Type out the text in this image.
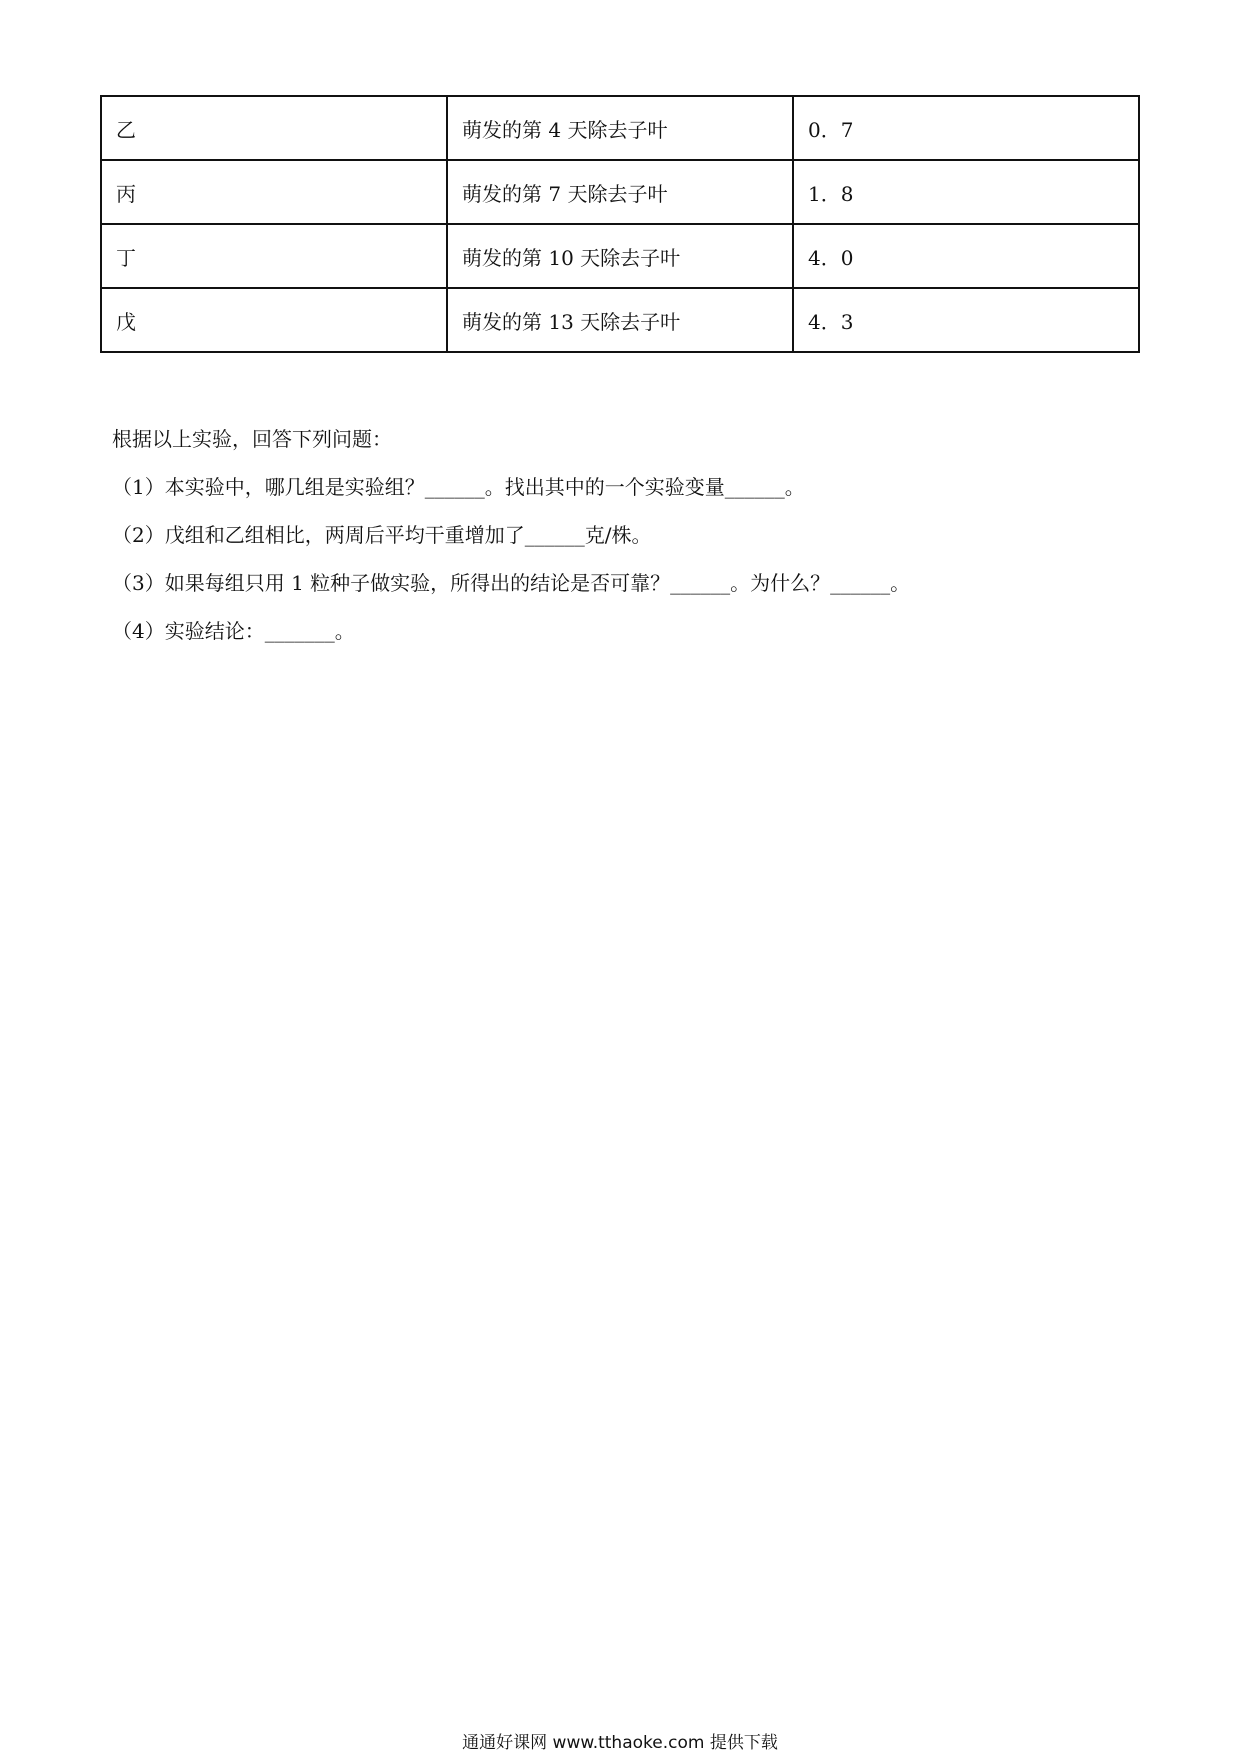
乙	萌发的第 4 天除去子叶	0．7
丙	萌发的第 7 天除去子叶	1．8
丁	萌发的第 10 天除去子叶	4．0
戊	萌发的第 13 天除去子叶	4．3
根据以上实验，回答下列问题：
（1）本实验中，哪几组是实验组？______。找出其中的一个实验变量______。
（2）戊组和乙组相比，两周后平均干重增加了______克/株。
（3）如果每组只用 1 粒种子做实验，所得出的结论是否可靠？______。为什么？______。
（4）实验结论：_______。
通通好课网 www.tthaoke.com 提供下载
